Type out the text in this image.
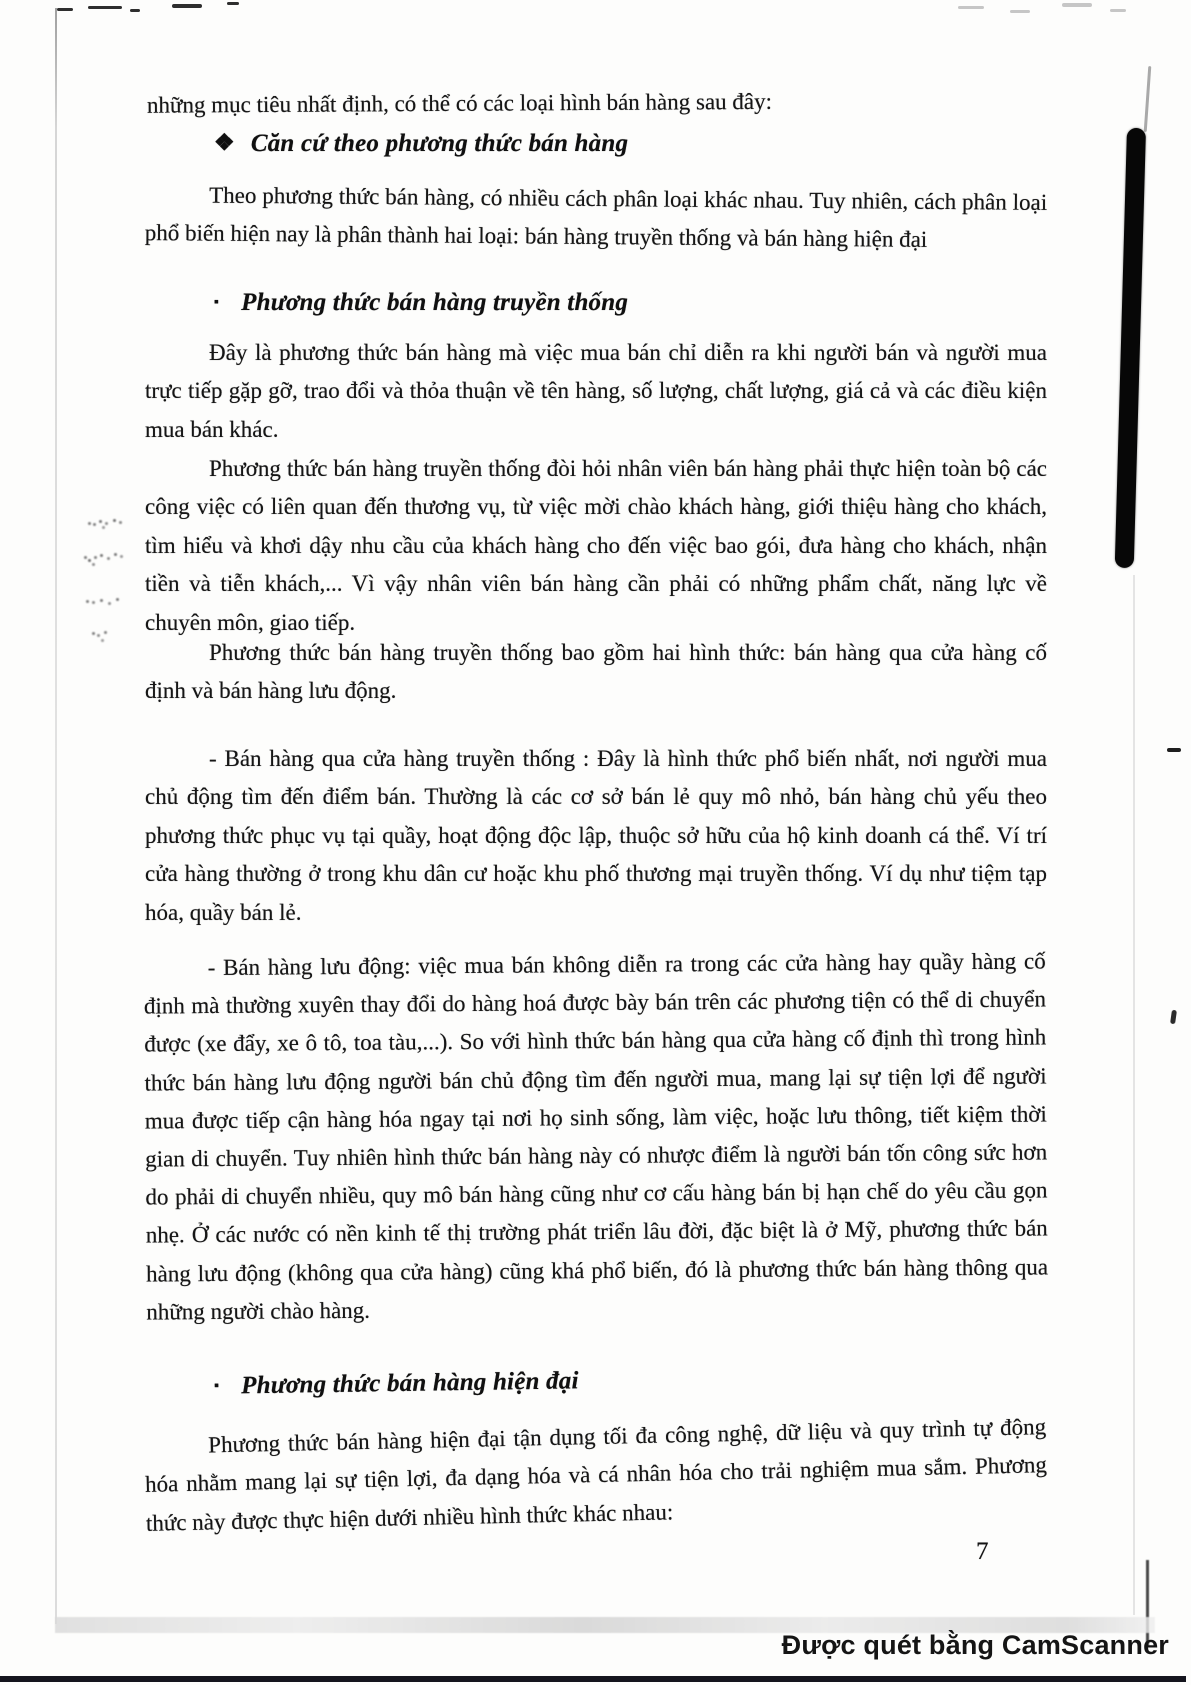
những mục tiêu nhất định, có thể có các loại hình bán hàng sau đây:
❖ Căn cứ theo phương thức bán hàng
Theo phương thức bán hàng, có nhiều cách phân loại khác nhau. Tuy nhiên, cách phân loại phổ biến hiện nay là phân thành hai loại: bán hàng truyền thống và bán hàng hiện đại
▪ Phương thức bán hàng truyền thống
Đây là phương thức bán hàng mà việc mua bán chỉ diễn ra khi người bán và người mua trực tiếp gặp gỡ, trao đổi và thỏa thuận về tên hàng, số lượng, chất lượng, giá cả và các điều kiện mua bán khác.
Phương thức bán hàng truyền thống đòi hỏi nhân viên bán hàng phải thực hiện toàn bộ các công việc có liên quan đến thương vụ, từ việc mời chào khách hàng, giới thiệu hàng cho khách, tìm hiểu và khơi dậy nhu cầu của khách hàng cho đến việc bao gói, đưa hàng cho khách, nhận tiền và tiễn khách,... Vì vậy nhân viên bán hàng cần phải có những phẩm chất, năng lực về chuyên môn, giao tiếp.
Phương thức bán hàng truyền thống bao gồm hai hình thức: bán hàng qua cửa hàng cố định và bán hàng lưu động.
- Bán hàng qua cửa hàng truyền thống : Đây là hình thức phổ biến nhất, nơi người mua chủ động tìm đến điểm bán. Thường là các cơ sở bán lẻ quy mô nhỏ, bán hàng chủ yếu theo phương thức phục vụ tại quầy, hoạt động độc lập, thuộc sở hữu của hộ kinh doanh cá thể. Ví trí cửa hàng thường ở trong khu dân cư hoặc khu phố thương mại truyền thống. Ví dụ như tiệm tạp hóa, quầy bán lẻ.
- Bán hàng lưu động: việc mua bán không diễn ra trong các cửa hàng hay quầy hàng cố định mà thường xuyên thay đổi do hàng hoá được bày bán trên các phương tiện có thể di chuyển được (xe đẩy, xe ô tô, toa tàu,...). So với hình thức bán hàng qua cửa hàng cố định thì trong hình thức bán hàng lưu động người bán chủ động tìm đến người mua, mang lại sự tiện lợi để người mua được tiếp cận hàng hóa ngay tại nơi họ sinh sống, làm việc, hoặc lưu thông, tiết kiệm thời gian di chuyển. Tuy nhiên hình thức bán hàng này có nhược điểm là người bán tốn công sức hơn do phải di chuyển nhiều, quy mô bán hàng cũng như cơ cấu hàng bán bị hạn chế do yêu cầu gọn nhẹ. Ở các nước có nền kinh tế thị trường phát triển lâu đời, đặc biệt là ở Mỹ, phương thức bán hàng lưu động (không qua cửa hàng) cũng khá phổ biến, đó là phương thức bán hàng thông qua những người chào hàng.
▪ Phương thức bán hàng hiện đại
Phương thức bán hàng hiện đại tận dụng tối đa công nghệ, dữ liệu và quy trình tự động hóa nhằm mang lại sự tiện lợi, đa dạng hóa và cá nhân hóa cho trải nghiệm mua sắm. Phương thức này được thực hiện dưới nhiều hình thức khác nhau:
7
Được quét bằng CamScanner
